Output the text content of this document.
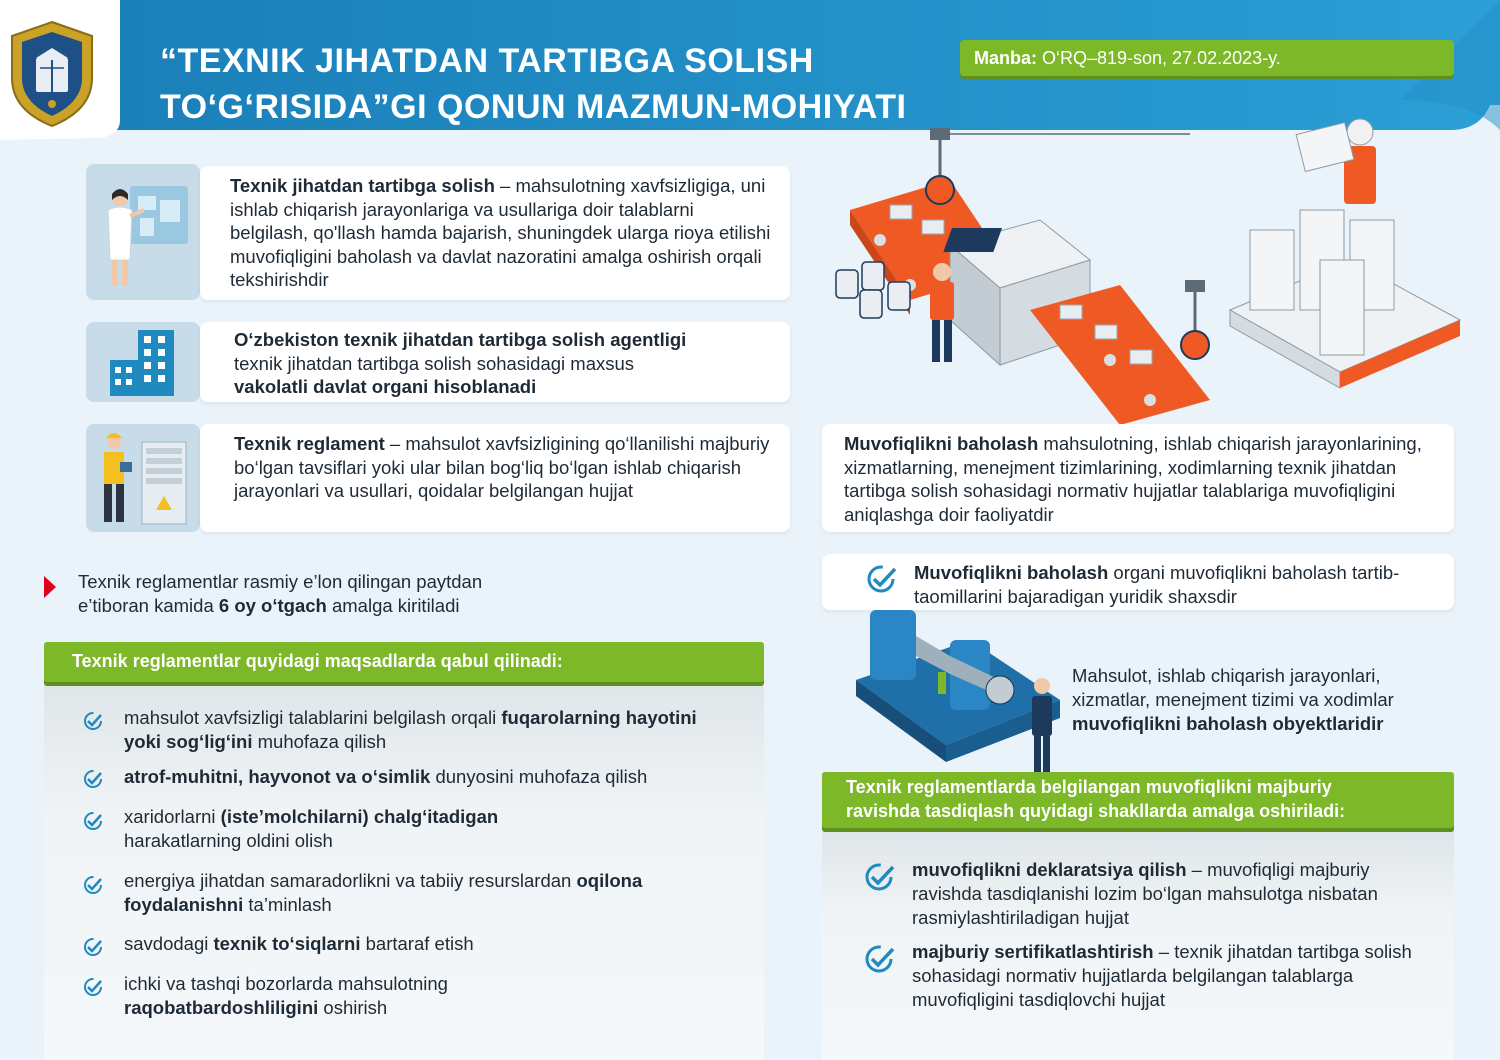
“TEXNIK JIHATDAN TARTIBGA SOLISH
TO‘G‘RISIDA”GI QONUN MAZMUN-MOHIYATI
Manba: O‘RQ–819-son, 27.02.2023-y.
Texnik jihatdan tartibga solish – mahsulotning xavfsizligiga, uni ishlab chiqarish jarayonlariga va usullariga doir talablarni belgilash, qo'llash hamda bajarish, shuningdek ularga rioya etilishi muvofiqligini baholash va davlat nazoratini amalga oshirish orqali tekshirishdir
O‘zbekiston texnik jihatdan tartibga solish agentligi
texnik jihatdan tartibga solish sohasidagi maxsus
vakolatli davlat organi hisoblanadi
Texnik reglament – mahsulot xavfsizligining qo‘llanilishi majburiy bo‘lgan tavsiflari yoki ular bilan bog‘liq bo‘lgan ishlab chiqarish jarayonlari va usullari, qoidalar belgilangan hujjat
Texnik reglamentlar rasmiy e’lon qilingan paytdan
e’tiboran kamida 6 oy o‘tgach amalga kiritiladi
Texnik reglamentlar quyidagi maqsadlarda qabul qilinadi:
mahsulot xavfsizligi talablarini belgilash orqali fuqarolarning hayotini yoki sog‘lig‘ini muhofaza qilish
atrof-muhitni, hayvonot va o‘simlik dunyosini muhofaza qilish
xaridorlarni (iste’molchilarni) chalg‘itadigan harakatlarning oldini olish
energiya jihatdan samaradorlikni va tabiiy resurslardan oqilona foydalanishni ta’minlash
savdodagi texnik to‘siqlarni bartaraf etish
ichki va tashqi bozorlarda mahsulotning raqobatbardoshliligini oshirish
Muvofiqlikni baholash mahsulotning, ishlab chiqarish jarayonlarining, xizmatlarning, menejment tizimlarining, xodimlarning texnik jihatdan tartibga solish sohasidagi normativ hujjatlar talablariga muvofiqligini aniqlashga doir faoliyatdir
Muvofiqlikni baholash organi muvofiqlikni baholash tartib-taomillarini bajaradigan yuridik shaxsdir
Mahsulot, ishlab chiqarish jarayonlari,
xizmatlar, menejment tizimi va xodimlar
muvofiqlikni baholash obyektlaridir
Texnik reglamentlarda belgilangan muvofiqlikni majburiy
ravishda tasdiqlash quyidagi shakllarda amalga oshiriladi:
muvofiqlikni deklaratsiya qilish – muvofiqligi majburiy ravishda tasdiqlanishi lozim bo‘lgan mahsulotga nisbatan rasmiylashtiriladigan hujjat
majburiy sertifikatlashtirish – texnik jihatdan tartibga solish sohasidagi normativ hujjatlarda belgilangan talablarga muvofiqligini tasdiqlovchi hujjat
